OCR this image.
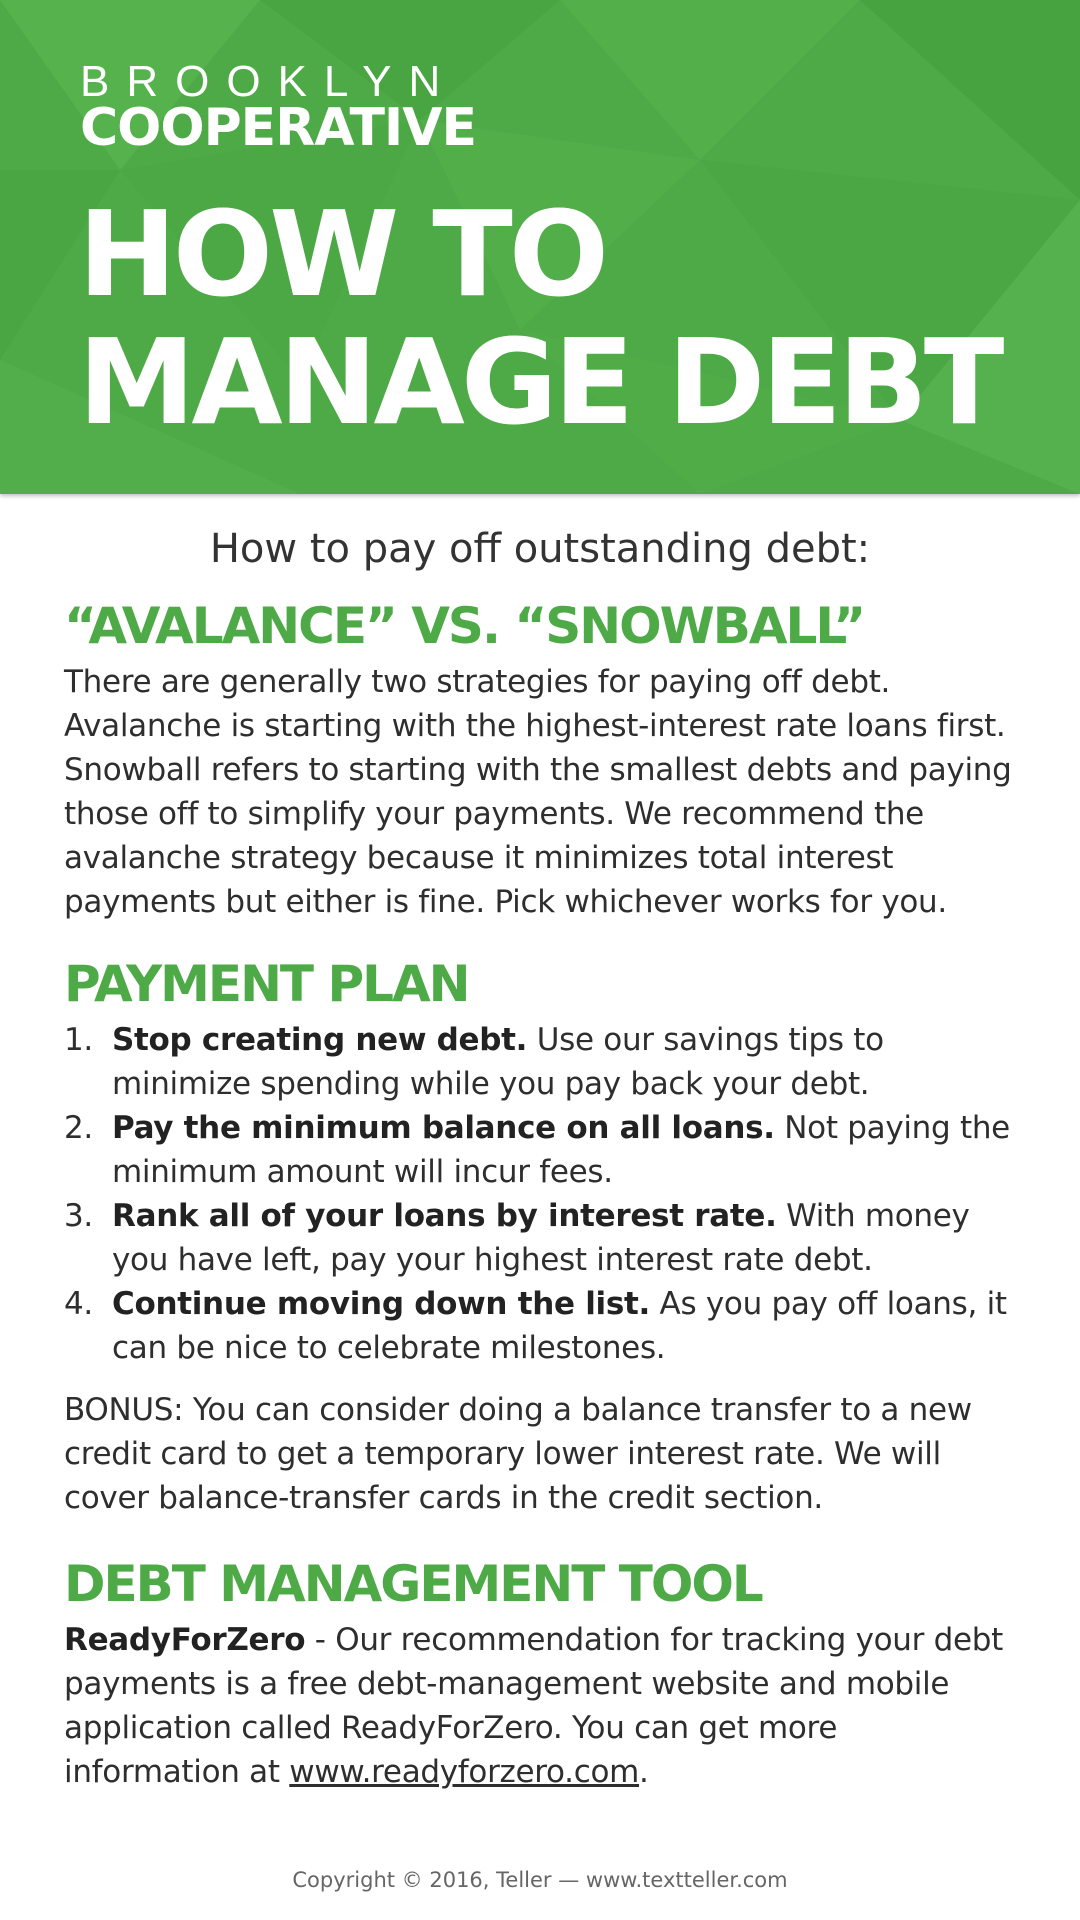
BROOKLYN
COOPERATIVE
HOW TO
MANAGE DEBT

How to pay off outstanding debt:

“AVALANCE” VS. “SNOWBALL”

There are generally two strategies for paying off debt. Avalanche is starting with the highest-interest rate loans first. Snowball refers to starting with the smallest debts and paying those off to simplify your payments. We recommend the avalanche strategy because it minimizes total interest payments but either is fine. Pick whichever works for you.

PAYMENT PLAN
1. Stop creating new debt. Use our savings tips to minimize spending while you pay back your debt.
2. Pay the minimum balance on all loans. Not paying the minimum amount will incur fees.
3. Rank all of your loans by interest rate. With money you have left, pay your highest interest rate debt.
4. Continue moving down the list. As you pay off loans, it can be nice to celebrate milestones.

BONUS: You can consider doing a balance transfer to a new credit card to get a temporary lower interest rate. We will cover balance-transfer cards in the credit section.

DEBT MANAGEMENT TOOL

ReadyForZero - Our recommendation for tracking your debt payments is a free debt-management website and mobile application called ReadyForZero. You can get more information at www.readyforzero.com.

Copyright © 2016, Teller — www.textteller.com
